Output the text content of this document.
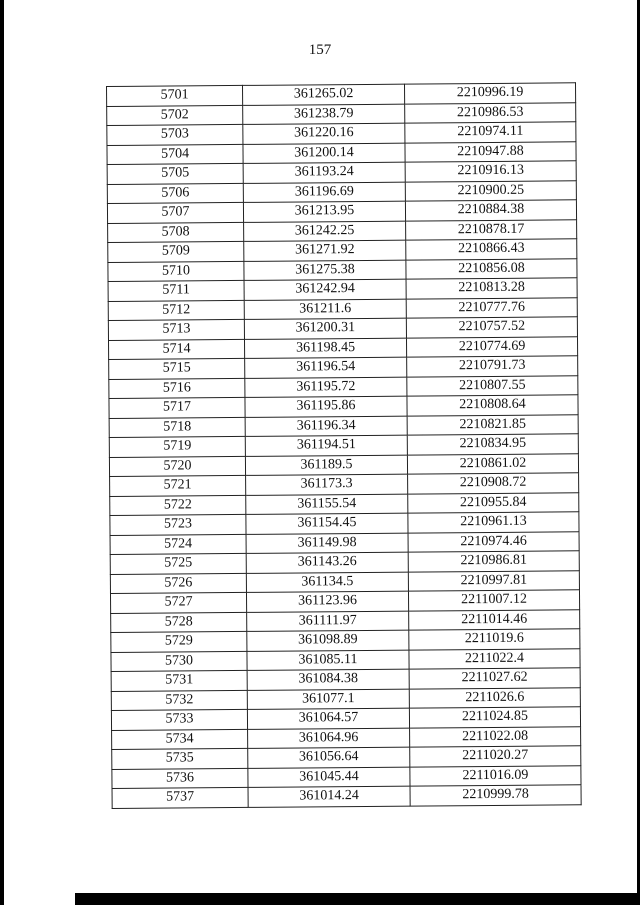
157
5701	361265.02	2210996.19
5702	361238.79	2210986.53
5703	361220.16	2210974.11
5704	361200.14	2210947.88
5705	361193.24	2210916.13
5706	361196.69	2210900.25
5707	361213.95	2210884.38
5708	361242.25	2210878.17
5709	361271.92	2210866.43
5710	361275.38	2210856.08
5711	361242.94	2210813.28
5712	361211.6	2210777.76
5713	361200.31	2210757.52
5714	361198.45	2210774.69
5715	361196.54	2210791.73
5716	361195.72	2210807.55
5717	361195.86	2210808.64
5718	361196.34	2210821.85
5719	361194.51	2210834.95
5720	361189.5	2210861.02
5721	361173.3	2210908.72
5722	361155.54	2210955.84
5723	361154.45	2210961.13
5724	361149.98	2210974.46
5725	361143.26	2210986.81
5726	361134.5	2210997.81
5727	361123.96	2211007.12
5728	361111.97	2211014.46
5729	361098.89	2211019.6
5730	361085.11	2211022.4
5731	361084.38	2211027.62
5732	361077.1	2211026.6
5733	361064.57	2211024.85
5734	361064.96	2211022.08
5735	361056.64	2211020.27
5736	361045.44	2211016.09
5737	361014.24	2210999.78
